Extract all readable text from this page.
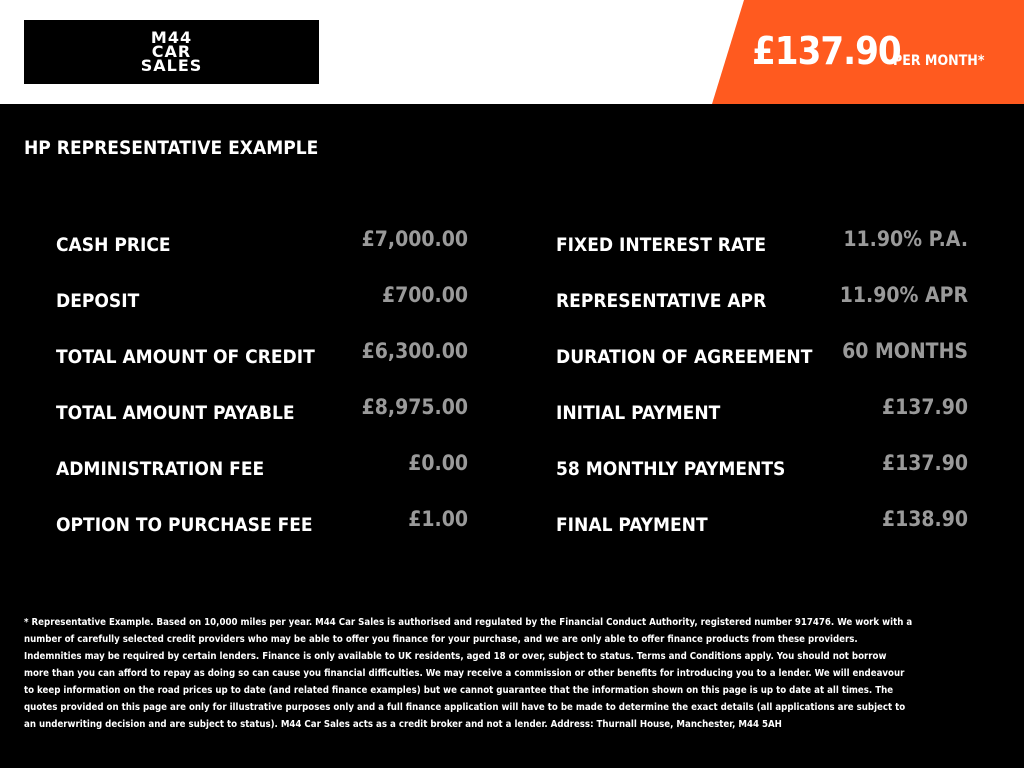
M44
CAR
SALES	£137.90
PER MONTH*
HP REPRESENTATIVE EXAMPLE
CASH PRICE	£7,000.00
DEPOSIT	£700.00
TOTAL AMOUNT OF CREDIT £6,300.00
TOTAL AMOUNT PAYABLE	£8,975.00
ADMINISTRATION FEE	£0.00
OPTION TO PURCHASE FEE	£1.00
FIXED INTEREST RATE	11.90% P.A.
REPRESENTATIVE APR	11.90% APR
DURATION OF AGREEMENT 60 MONTHS
INITIAL PAYMENT	£137.90
58 MONTHLY PAYMENTS	£137.90
FINAL PAYMENT	£138.90
* Representative Example. Based on 10,000 miles per year. M44 Car Sales is authorised and regulated by the Financial Conduct Authority, registered number 917476. We work with a number of carefully selected credit providers who may be able to offer you finance for your purchase, and we are only able to offer finance products from these providers. Indemnities may be required by certain lenders. Finance is only available to UK residents, aged 18 or over, subject to status. Terms and Conditions apply. You should not borrow more than you can afford to repay as doing so can cause you financial difficulties. We may receive a commission or other benefits for introducing you to a lender. We will endeavour to keep information on the road prices up to date (and related finance examples) but we cannot guarantee that the information shown on this page is up to date at all times. The quotes provided on this page are only for illustrative purposes only and a full finance application will have to be made to determine the exact details (all applications are subject to an underwriting decision and are subject to status). M44 Car Sales acts as a credit broker and not a lender. Address: Thurnall House, Manchester, M44 5AH
